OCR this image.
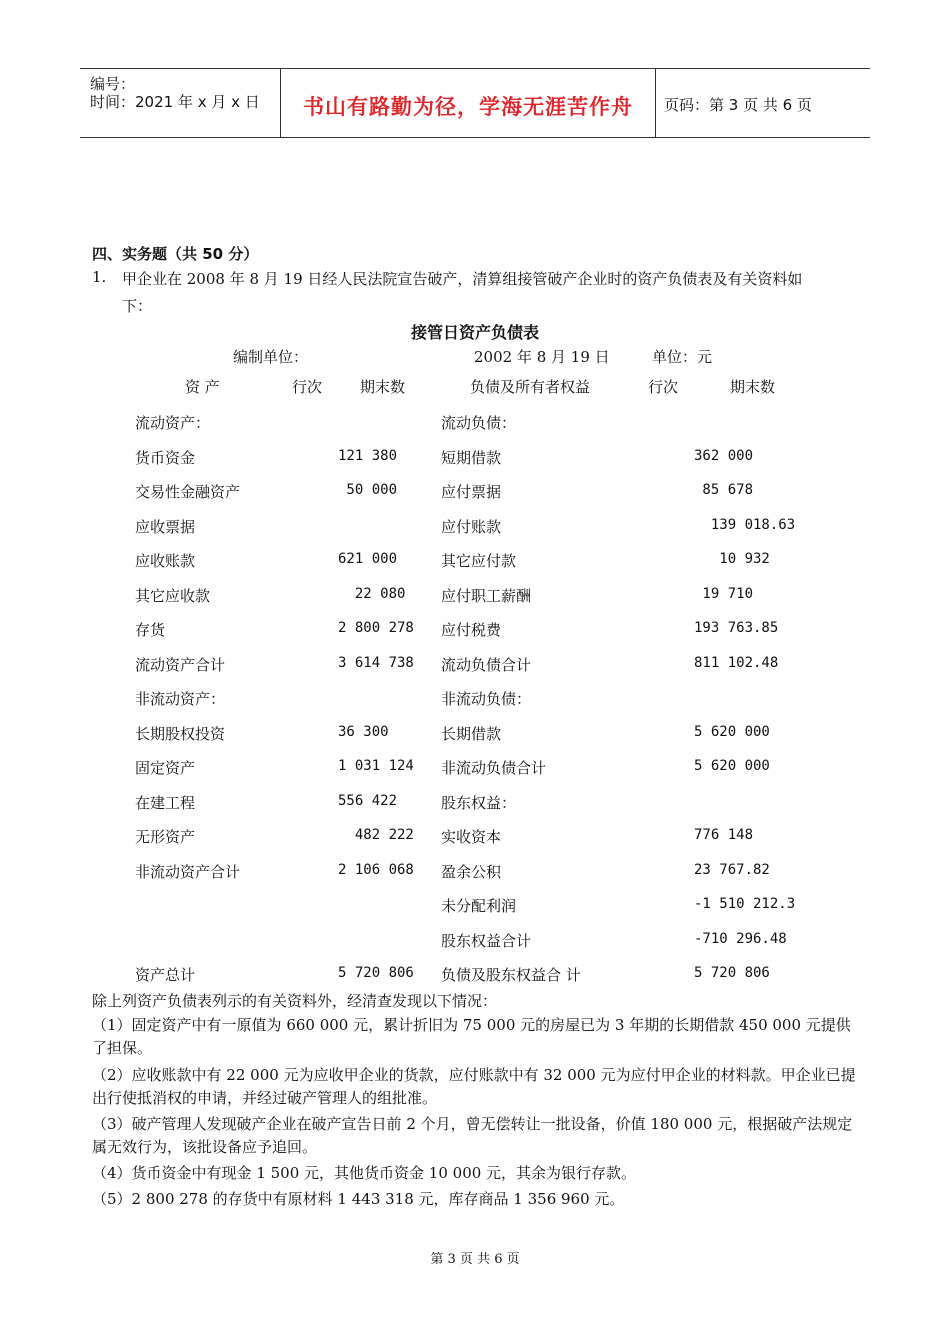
编号：
时间：2021 年 x 月 x 日	书山有路勤为径，学海无涯苦作舟	页码：第 3 页 共 6 页
四、实务题（共 50 分）
1. 甲企业在 2008 年 8 月 19 日经人民法院宣告破产，清算组接管破产企业时的资产负债表及有关资料如
下：
接管日资产负债表
编制单位：	2002 年 8 月 19 日	单位：元
资 产	行次	期末数	负债及所有者权益	行次	期末数
流动资产：	流动负债：
货币资金	121 380	短期借款	362 000
交易性金融资产	50 000	应付票据	85 678
应收票据	应付账款	139 018.63
应收账款	621 000	其它应付款	10 932
其它应收款	22 080 应付职工薪酬	19 710
存货	2 800 278 应付税费	193 763.85
流动资产合计	3 614 738 流动负债合计	811 102.48
非流动资产：	非流动负债：
长期股权投资	36 300	长期借款	5 620 000
固定资产	1 031 124 非流动负债合计	5 620 000
在建工程	556 422	股东权益：
无形资产	482 222 实收资本	776 148
非流动资产合计	2 106 068 盈余公积	23 767.82
未分配利润	-1 510 212.3
股东权益合计	-710 296.48
资产总计	5 720 806 负债及股东权益合 计	5 720 806
除上列资产负债表列示的有关资料外，经清查发现以下情况：
（1）固定资产中有一原值为 660 000 元，累计折旧为 75 000 元的房屋已为 3 年期的长期借款 450 000 元提供了担保。
（2）应收账款中有 22 000 元为应收甲企业的货款，应付账款中有 32 000 元为应付甲企业的材料款。甲企业已提出行使抵消权的申请，并经过破产管理人的组批准。
（3）破产管理人发现破产企业在破产宣告日前 2 个月，曾无偿转让一批设备，价值 180 000 元，根据破产法规定属无效行为，该批设备应予追回。
（4）货币资金中有现金 1 500 元，其他货币资金 10 000 元，其余为银行存款。
（5）2 800 278 的存货中有原材料 1 443 318 元，库存商品 1 356 960 元。
第 3 页 共 6 页
